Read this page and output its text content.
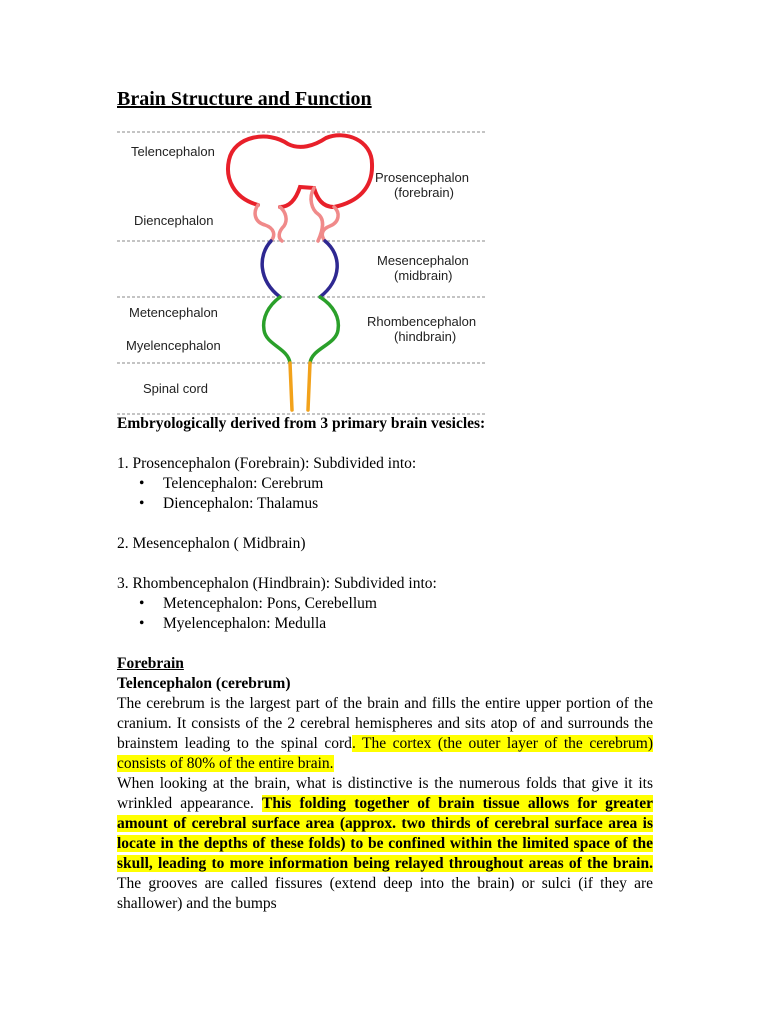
Brain Structure and Function
Telencephalon
Diencephalon
Metencephalon
Myelencephalon
Spinal cord
Prosencephalon
(forebrain)
Mesencephalon
(midbrain)
Rhombencephalon
(hindbrain)

Embryologically derived from 3 primary brain vesicles:

1. Prosencephalon (Forebrain): Subdivided into:

• Telencephalon: Cerebrum
• Diencephalon: Thalamus

2. Mesencephalon ( Midbrain)

3. Rhombencephalon (Hindbrain): Subdivided into:

• Metencephalon: Pons, Cerebellum
• Myelencephalon: Medulla

Forebrain

Telencephalon (cerebrum)

The cerebrum is the largest part of the brain and fills the entire upper portion of the cranium. It consists of the 2 cerebral hemispheres and sits atop of and surrounds the brainstem leading to the spinal cord. The cortex (the outer layer of the cerebrum) consists of 80% of the entire brain.

When looking at the brain, what is distinctive is the numerous folds that give it its wrinkled appearance. This folding together of brain tissue allows for greater amount of cerebral surface area (approx. two thirds of cerebral surface area is locate in the depths of these folds) to be confined within the limited space of the skull, leading to more information being relayed throughout areas of the brain. The grooves are called fissures (extend deep into the brain) or sulci (if they are shallower) and the bumps
